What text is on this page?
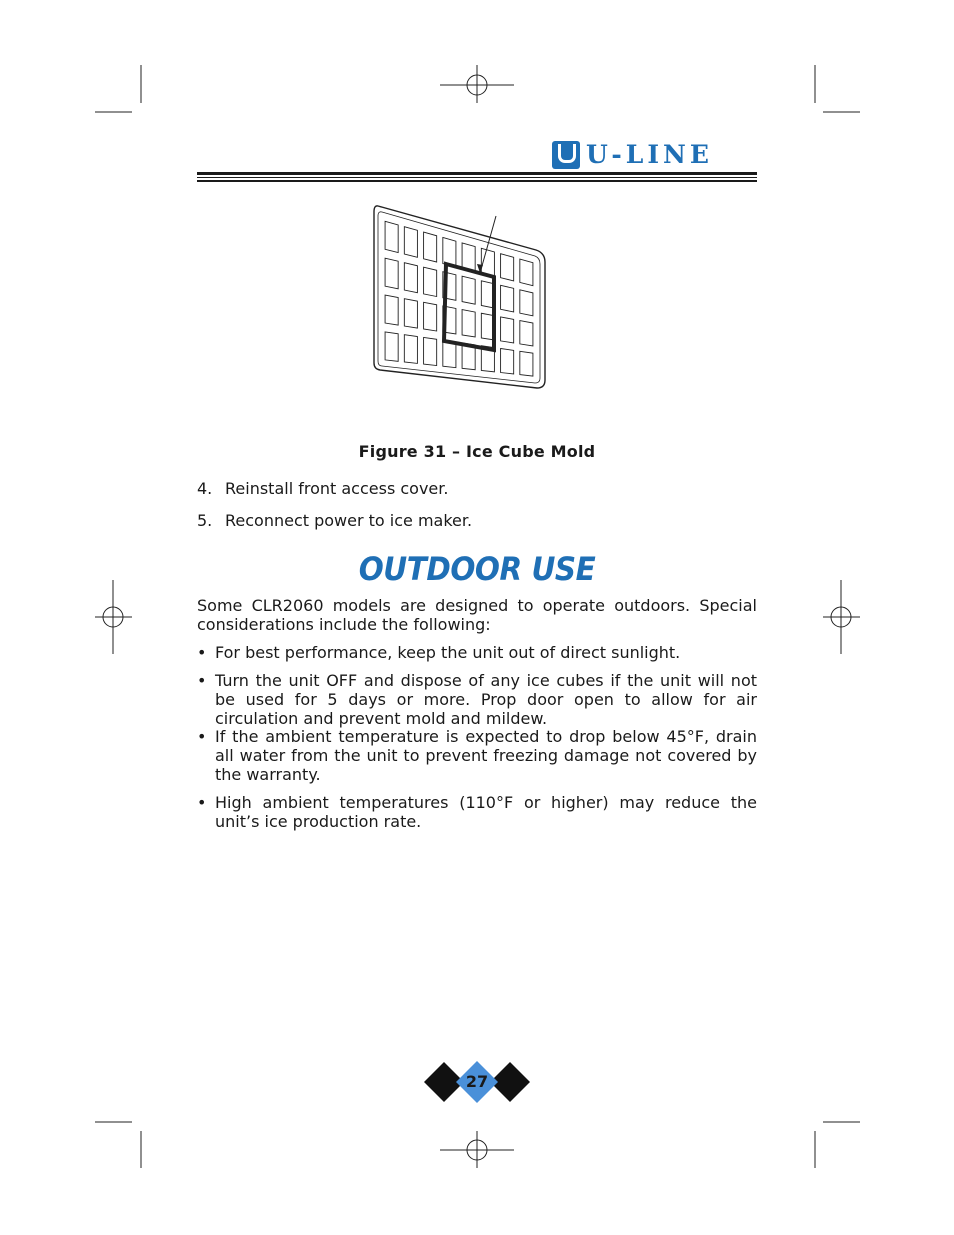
U-LINE
Figure 31 – Ice Cube Mold
4. Reinstall front access cover.
5. Reconnect power to ice maker.
OUTDOOR USE
Some CLR2060 models are designed to operate outdoors. Special considerations include the following:
• For best performance, keep the unit out of direct sunlight.
• Turn the unit OFF and dispose of any ice cubes if the unit will not be used for 5 days or more. Prop door open to allow for air circulation and prevent mold and mildew.
• If the ambient temperature is expected to drop below 45°F, drain all water from the unit to prevent freezing damage not covered by the warranty.
• High ambient temperatures (110°F or higher) may reduce the unit’s ice production rate.
27
